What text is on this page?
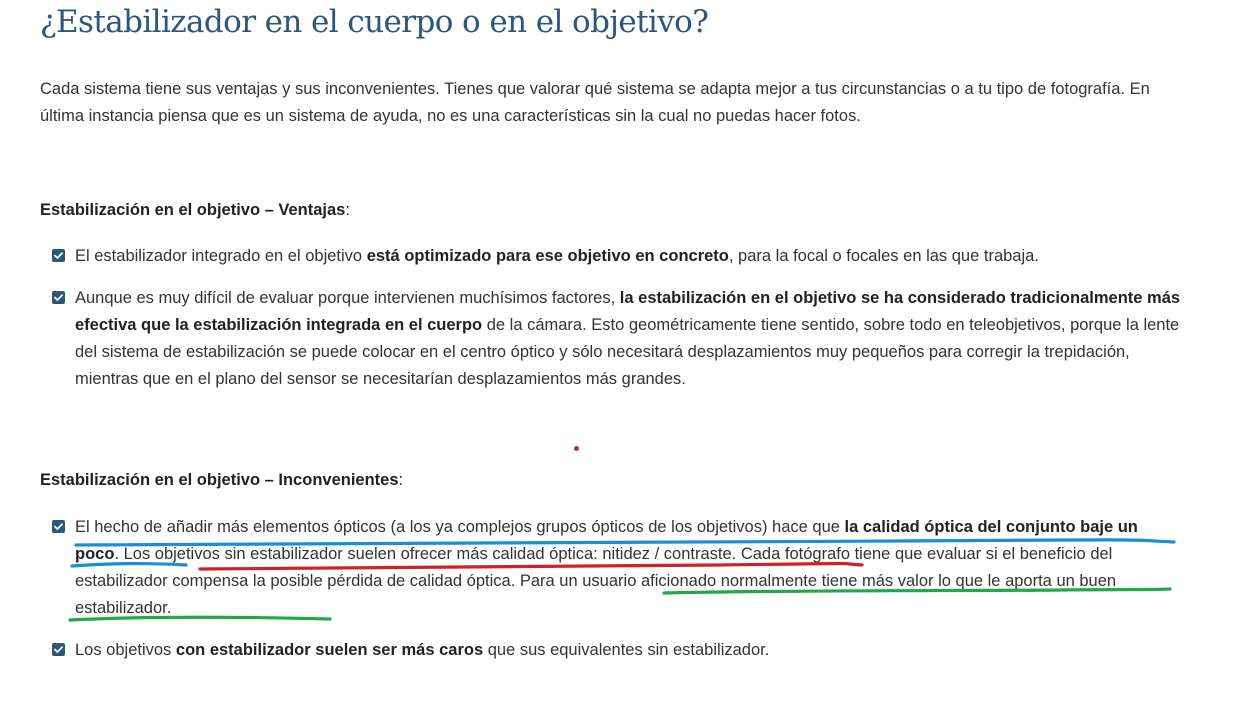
¿Estabilizador en el cuerpo o en el objetivo?

Cada sistema tiene sus ventajas y sus inconvenientes. Tienes que valorar qué sistema se adapta mejor a tus circunstancias o a tu tipo de fotografía. En última instancia piensa que es un sistema de ayuda, no es una características sin la cual no puedas hacer fotos.

Estabilización en el objetivo – Ventajas:

El estabilizador integrado en el objetivo está optimizado para ese objetivo en concreto, para la focal o focales en las que trabaja.

Aunque es muy difícil de evaluar porque intervienen muchísimos factores, la estabilización en el objetivo se ha considerado tradicionalmente más efectiva que la estabilización integrada en el cuerpo de la cámara. Esto geométricamente tiene sentido, sobre todo en teleobjetivos, porque la lente del sistema de estabilización se puede colocar en el centro óptico y sólo necesitará desplazamientos muy pequeños para corregir la trepidación, mientras que en el plano del sensor se necesitarían desplazamientos más grandes.

Estabilización en el objetivo – Inconvenientes:

El hecho de añadir más elementos ópticos (a los ya complejos grupos ópticos de los objetivos) hace que la calidad óptica del conjunto baje un poco. Los objetivos sin estabilizador suelen ofrecer más calidad óptica: nitidez / contraste. Cada fotógrafo tiene que evaluar si el beneficio del estabilizador compensa la posible pérdida de calidad óptica. Para un usuario aficionado normalmente tiene más valor lo que le aporta un buen estabilizador.

Los objetivos con estabilizador suelen ser más caros que sus equivalentes sin estabilizador.
